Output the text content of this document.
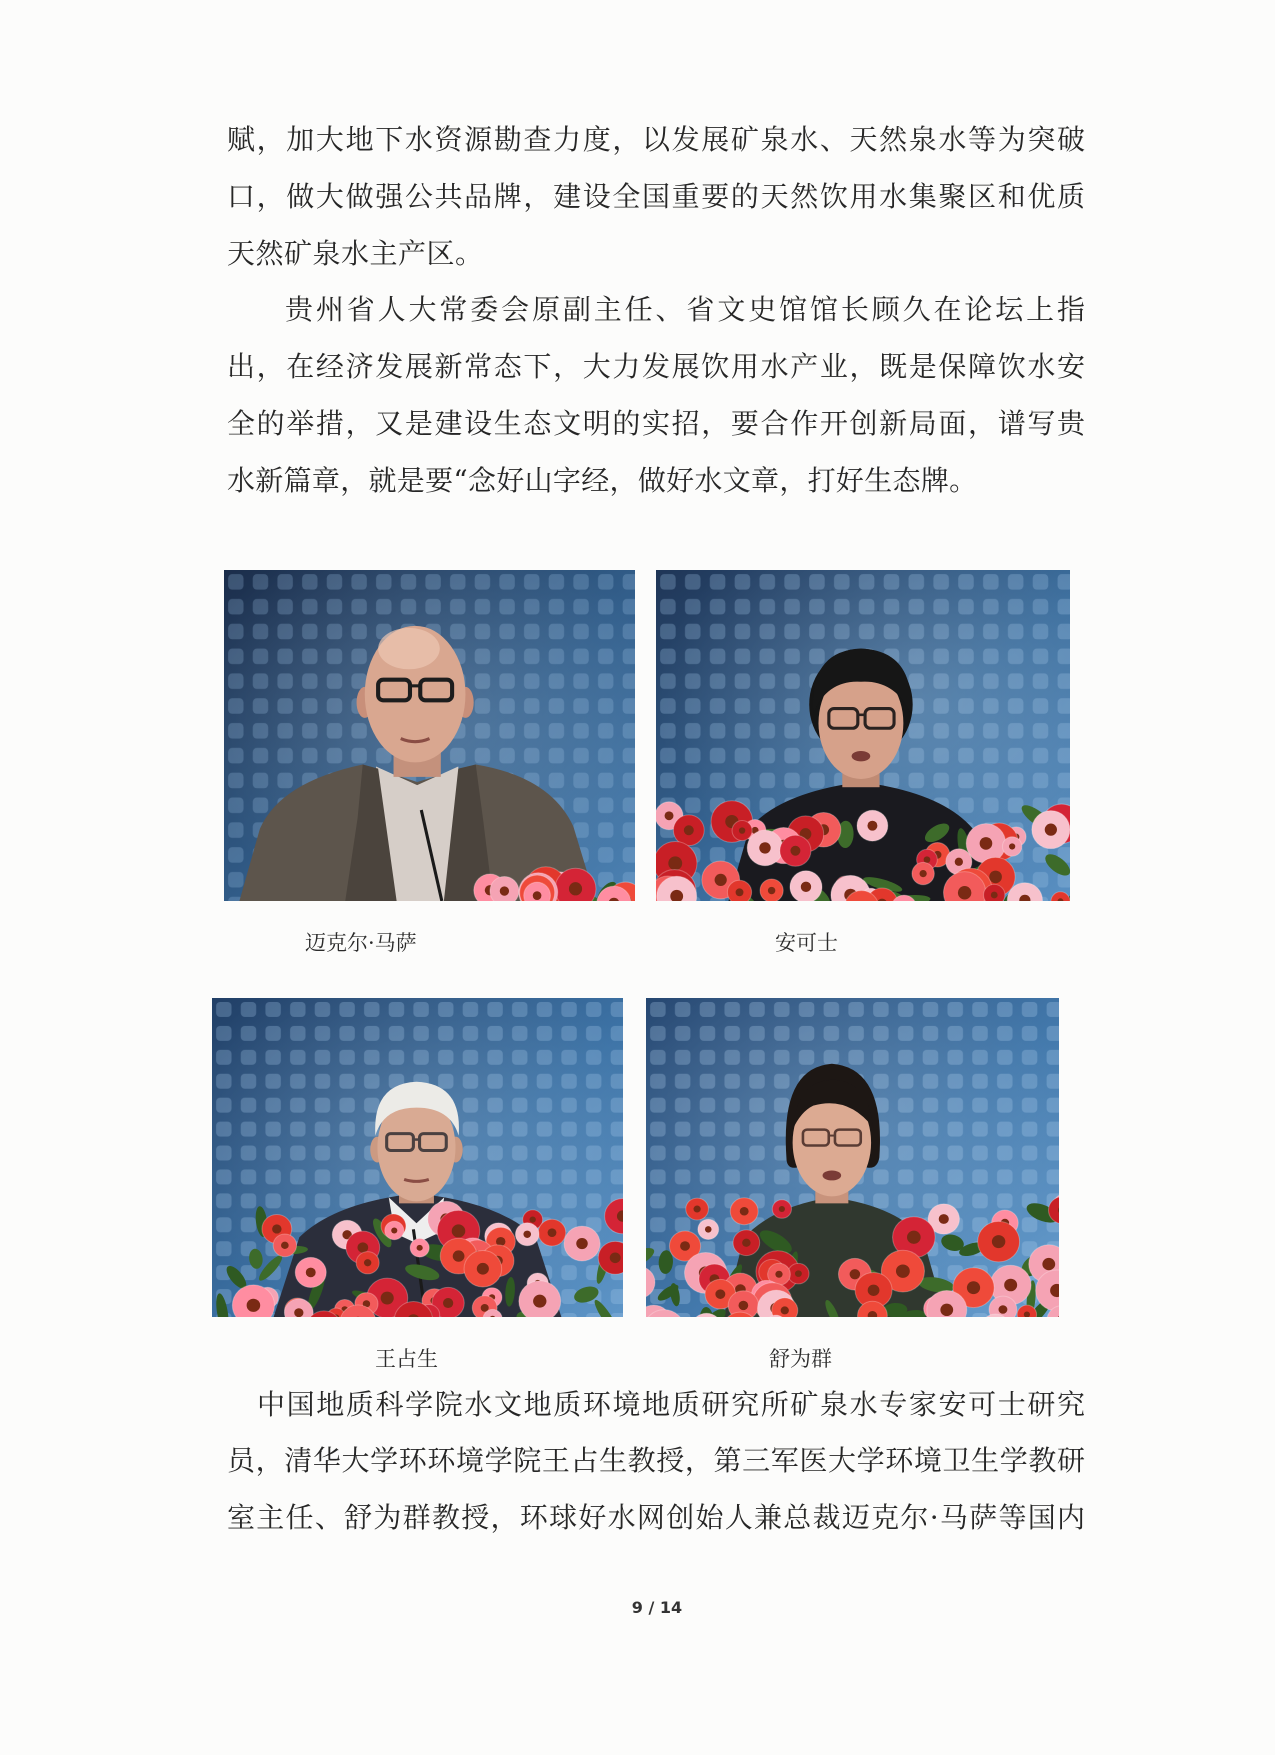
赋，加大地下水资源勘查力度，以发展矿泉水、天然泉水等为突破

口，做大做强公共品牌，建设全国重要的天然饮用水集聚区和优质

天然矿泉水主产区。

贵州省人大常委会原副主任、省文史馆馆长顾久在论坛上指

出，在经济发展新常态下，大力发展饮用水产业，既是保障饮水安

全的举措，又是建设生态文明的实招，要合作开创新局面，谱写贵

水新篇章，就是要“念好山字经，做好水文章，打好生态牌。

迈克尔·马萨	安可士
王占生	舒为群

中国地质科学院水文地质环境地质研究所矿泉水专家安可士研究

员，清华大学环环境学院王占生教授，第三军医大学环境卫生学教研

室主任、舒为群教授，环球好水网创始人兼总裁迈克尔·马萨等国内

9 / 14
